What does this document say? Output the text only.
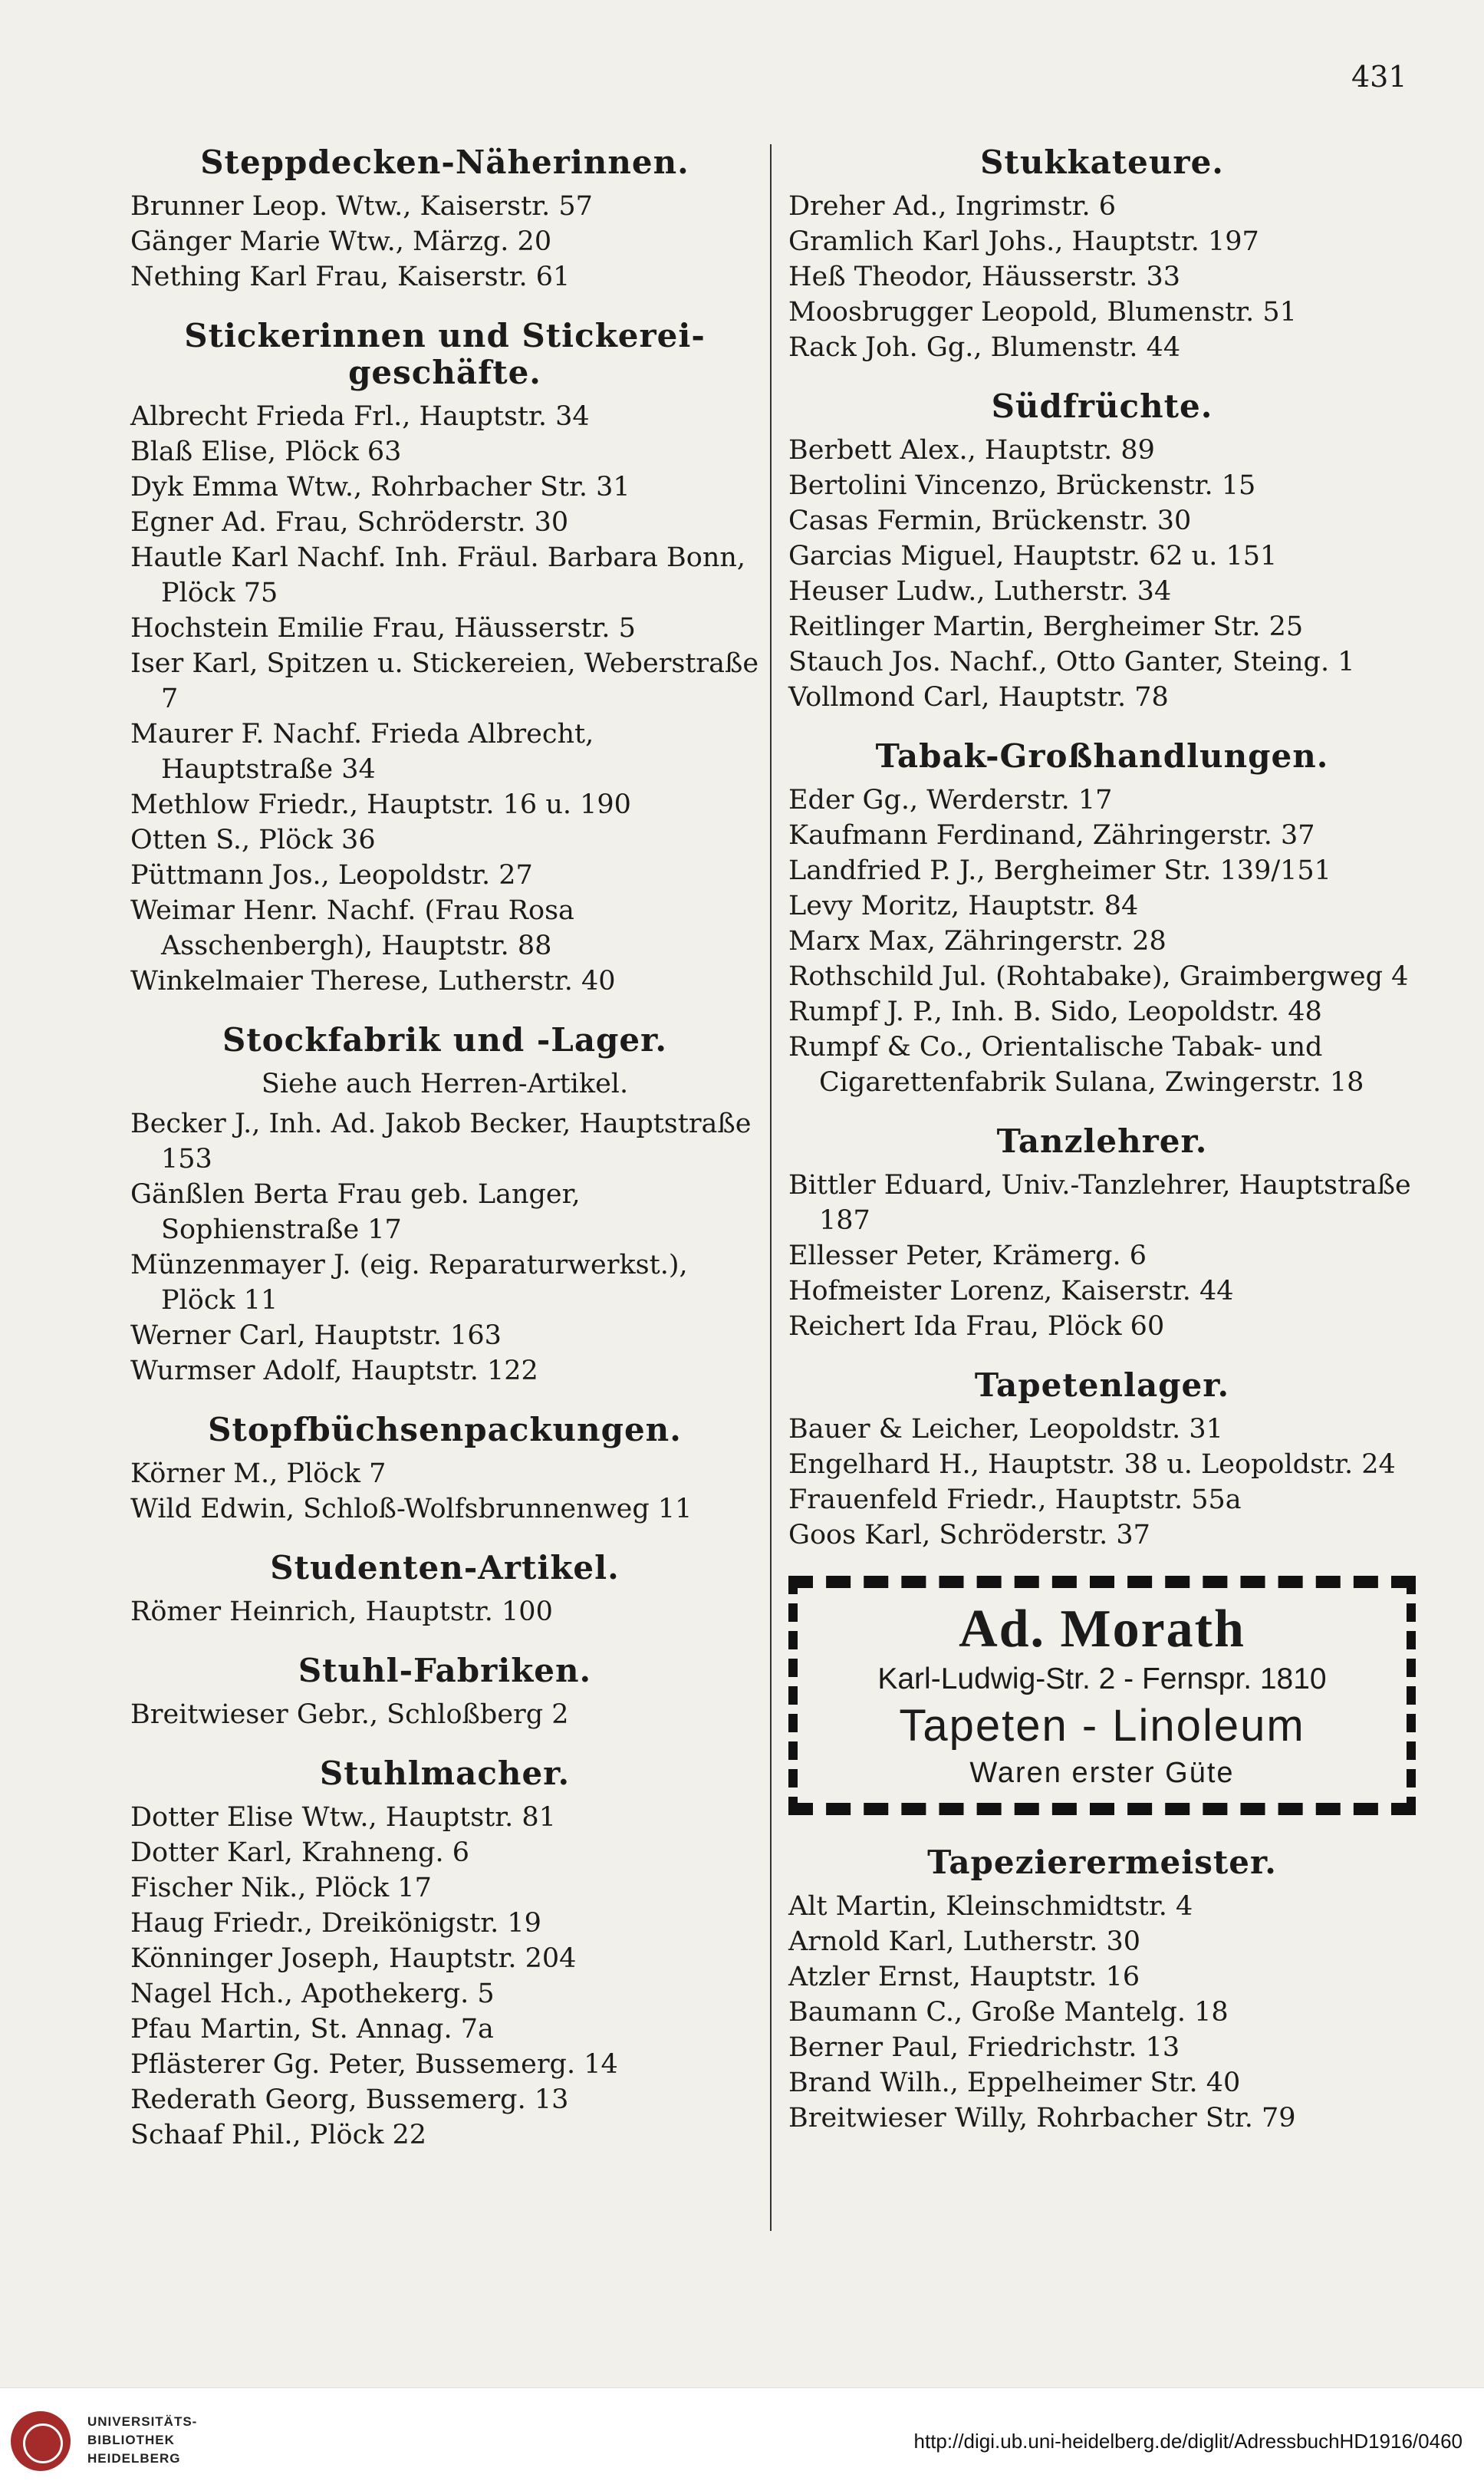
431
Steppdecken-Näherinnen.
Brunner Leop. Wtw., Kaiserstr. 57
Gänger Marie Wtw., Märzg. 20
Nething Karl Frau, Kaiserstr. 61
Stickerinnen und Stickerei-geschäfte.
Albrecht Frieda Frl., Hauptstr. 34
Blaß Elise, Plöck 63
Dyk Emma Wtw., Rohrbacher Str. 31
Egner Ad. Frau, Schröderstr. 30
Hautle Karl Nachf. Inh. Fräul. Barbara Bonn, Plöck 75
Hochstein Emilie Frau, Häusserstr. 5
Iser Karl, Spitzen u. Stickereien, Weberstraße 7
Maurer F. Nachf. Frieda Albrecht, Hauptstraße 34
Methlow Friedr., Hauptstr. 16 u. 190
Otten S., Plöck 36
Püttmann Jos., Leopoldstr. 27
Weimar Henr. Nachf. (Frau Rosa Asschenbergh), Hauptstr. 88
Winkelmaier Therese, Lutherstr. 40
Stockfabrik und -Lager.
Siehe auch Herren-Artikel.
Becker J., Inh. Ad. Jakob Becker, Hauptstraße 153
Gänßlen Berta Frau geb. Langer, Sophienstraße 17
Münzenmayer J. (eig. Reparaturwerkst.), Plöck 11
Werner Carl, Hauptstr. 163
Wurmser Adolf, Hauptstr. 122
Stopfbüchsenpackungen.
Körner M., Plöck 7
Wild Edwin, Schloß-Wolfsbrunnenweg 11
Studenten-Artikel.
Römer Heinrich, Hauptstr. 100
Stuhl-Fabriken.
Breitwieser Gebr., Schloßberg 2
Stuhlmacher.
Dotter Elise Wtw., Hauptstr. 81
Dotter Karl, Krahneng. 6
Fischer Nik., Plöck 17
Haug Friedr., Dreikönigstr. 19
Könninger Joseph, Hauptstr. 204
Nagel Hch., Apothekerg. 5
Pfau Martin, St. Annag. 7a
Pflästerer Gg. Peter, Bussemerg. 14
Rederath Georg, Bussemerg. 13
Schaaf Phil., Plöck 22
Stukkateure.
Dreher Ad., Ingrimstr. 6
Gramlich Karl Johs., Hauptstr. 197
Heß Theodor, Häusserstr. 33
Moosbrugger Leopold, Blumenstr. 51
Rack Joh. Gg., Blumenstr. 44
Südfrüchte.
Berbett Alex., Hauptstr. 89
Bertolini Vincenzo, Brückenstr. 15
Casas Fermin, Brückenstr. 30
Garcias Miguel, Hauptstr. 62 u. 151
Heuser Ludw., Lutherstr. 34
Reitlinger Martin, Bergheimer Str. 25
Stauch Jos. Nachf., Otto Ganter, Steing. 1
Vollmond Carl, Hauptstr. 78
Tabak-Großhandlungen.
Eder Gg., Werderstr. 17
Kaufmann Ferdinand, Zähringerstr. 37
Landfried P. J., Bergheimer Str. 139/151
Levy Moritz, Hauptstr. 84
Marx Max, Zähringerstr. 28
Rothschild Jul. (Rohtabake), Graimbergweg 4
Rumpf J. P., Inh. B. Sido, Leopoldstr. 48
Rumpf & Co., Orientalische Tabak- und Cigarettenfabrik Sulana, Zwingerstr. 18
Tanzlehrer.
Bittler Eduard, Univ.-Tanzlehrer, Hauptstraße 187
Ellesser Peter, Krämerg. 6
Hofmeister Lorenz, Kaiserstr. 44
Reichert Ida Frau, Plöck 60
Tapetenlager.
Bauer & Leicher, Leopoldstr. 31
Engelhard H., Hauptstr. 38 u. Leopoldstr. 24
Frauenfeld Friedr., Hauptstr. 55a
Goos Karl, Schröderstr. 37
Ad. Morath
Karl-Ludwig-Str. 2 - Fernspr. 1810
Tapeten - Linoleum
Waren erster Güte
Tapezierermeister.
Alt Martin, Kleinschmidtstr. 4
Arnold Karl, Lutherstr. 30
Atzler Ernst, Hauptstr. 16
Baumann C., Große Mantelg. 18
Berner Paul, Friedrichstr. 13
Brand Wilh., Eppelheimer Str. 40
Breitwieser Willy, Rohrbacher Str. 79
UNIVERSITÄTS-
BIBLIOTHEK
HEIDELBERG
http://digi.ub.uni-heidelberg.de/diglit/AdressbuchHD1916/0460
